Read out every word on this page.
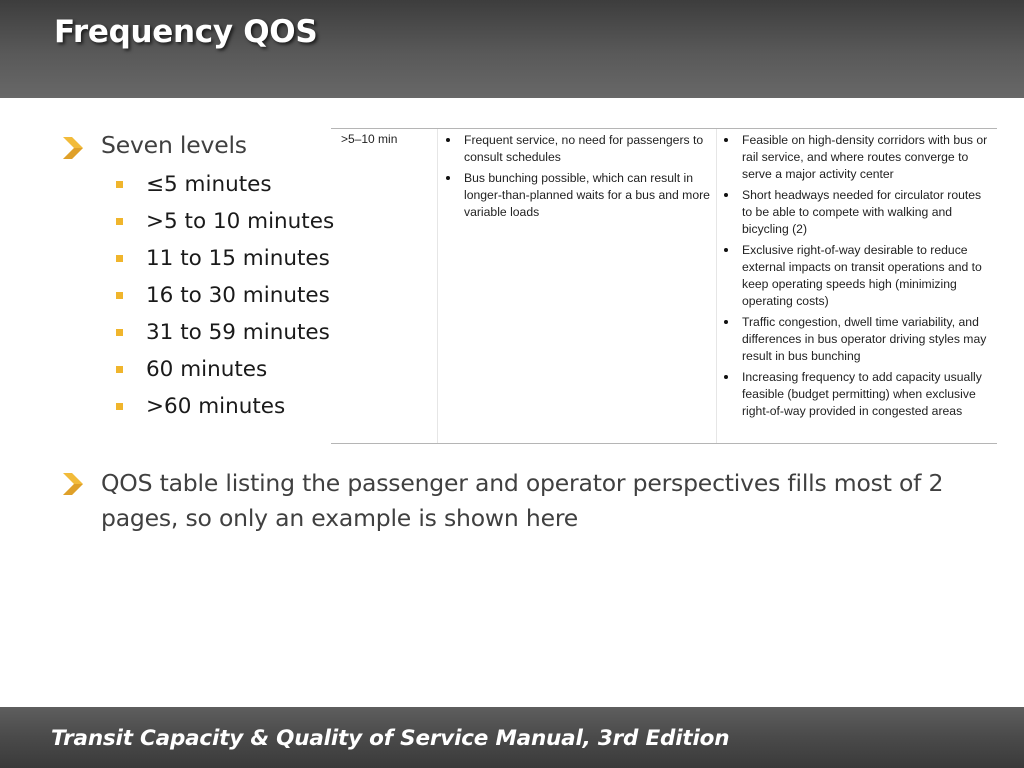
Frequency QOS
Seven levels
≤5 minutes
>5 to 10 minutes
11 to 15 minutes
16 to 30 minutes
31 to 59 minutes
60 minutes
>60 minutes
>5–10 min	Frequent service, no need for passengers to consult schedules
Bus bunching possible, which can result in longer-than-planned waits for a bus and more variable loads
Feasible on high-density corridors with bus or rail service, and where routes converge to serve a major activity center
Short headways needed for circulator routes to be able to compete with walking and bicycling (2)
Exclusive right-of-way desirable to reduce external impacts on transit operations and to keep operating speeds high (minimizing operating costs)
Traffic congestion, dwell time variability, and differences in bus operator driving styles may result in bus bunching
Increasing frequency to add capacity usually feasible (budget permitting) when exclusive right-of-way provided in congested areas
QOS table listing the passenger and operator perspectives fills most of 2 pages, so only an example is shown here
Transit Capacity & Quality of Service Manual, 3rd Edition
